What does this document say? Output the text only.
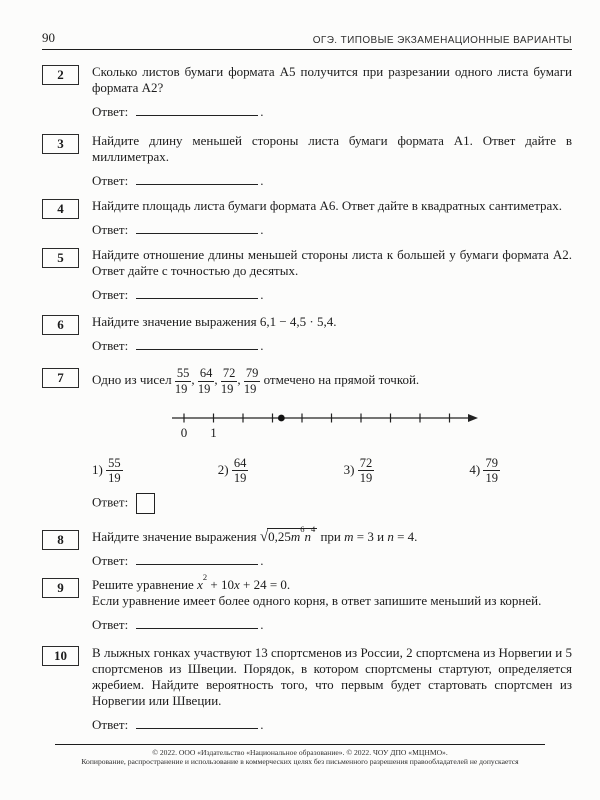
90	ОГЭ. ТИПОВЫЕ ЭКЗАМЕНАЦИОННЫЕ ВАРИАНТЫ
2 Сколько листов бумаги формата А5 получится при разрезании одного листа бумаги формата А2?

Ответ:	.
3 Найдите длину меньшей стороны листа бумаги формата А1. Ответ дайте в миллиметрах.

Ответ:	.
4 Найдите площадь листа бумаги формата А6. Ответ дайте в квадратных сантиметрах.

Ответ:	.
5 Найдите отношение длины меньшей стороны листа к большей у бумаги формата А2. Ответ дайте с точностью до десятых.

Ответ:	.
6 Найдите значение выражения 6,1 − 4,5 · 5,4.

Ответ:	.
7 Одно из чисел $\frac{55}{19}$ , $\frac{64}{19}$ , $\frac{72}{19}$ , $\frac{79}{19}$ отмечено на прямой точкой.

0 1
$1) \frac{55}{19}$	$2) \frac{64}{19}$	$3) \frac{72}{19}$	$4) \frac{79}{19}$
Ответ:
8 Найдите значение выражения $√0,25m^6n^4$ при m = 3 и n = 4.

Ответ:	.
9 Решите уравнение $x^2 + 10x + 24 = 0$.

Если уравнение имеет более одного корня, в ответ запишите меньший из корней.

Ответ:	.
10 В лыжных гонках участвуют 13 спортсменов из России, 2 спортсмена из Норвегии и 5 спортсменов из Швеции. Порядок, в котором спортсмены стартуют, определяется жребием. Найдите вероятность того, что первым будет стартовать спортсмен из Норвегии или Швеции.

Ответ:	.

© 2022. ООО «Издательство «Национальное образование». © 2022. ЧОУ ДПО «МЦНМО».

Копирование, распространение и использование в коммерческих целях без письменного разрешения правообладателей не допускается
